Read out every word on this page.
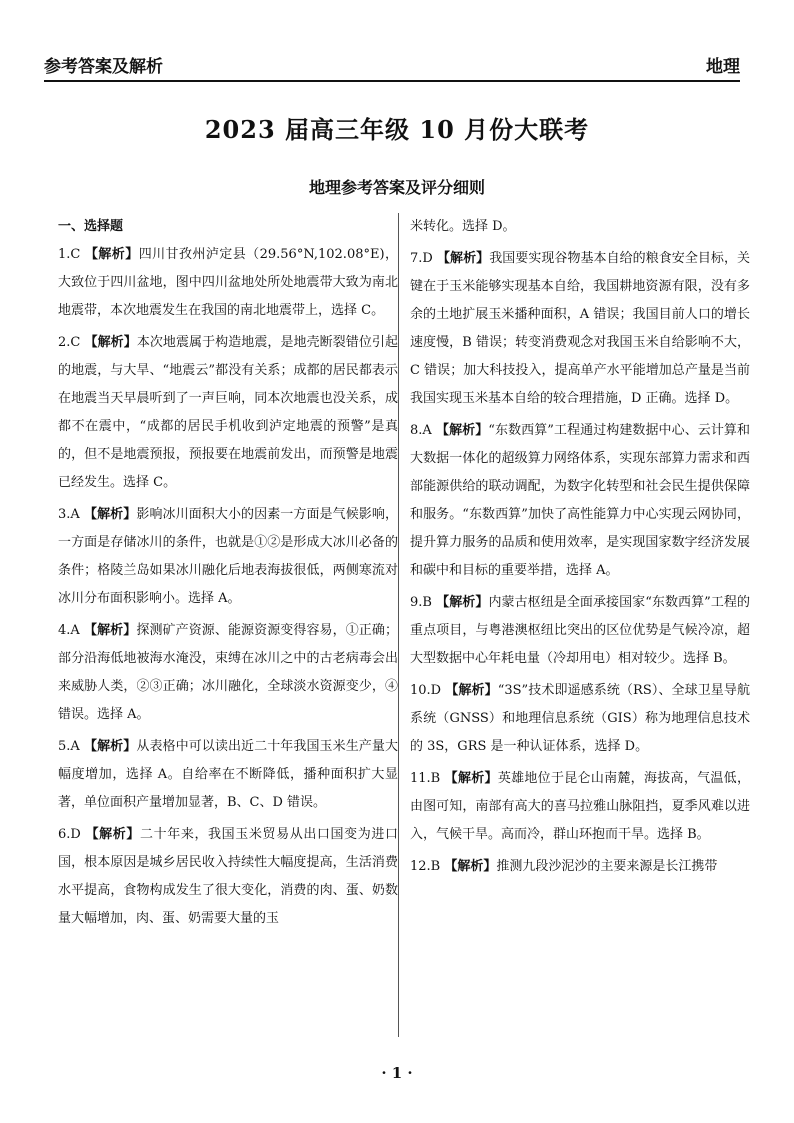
参考答案及解析	地理
2023 届高三年级 10 月份大联考
地理参考答案及评分细则
一、选择题
1.C 【解析】四川甘孜州泸定县（29.56°N,102.08°E)，大致位于四川盆地，图中四川盆地处所处地震带大致为南北地震带，本次地震发生在我国的南北地震带上，选择 C。
2.C 【解析】本次地震属于构造地震，是地壳断裂错位引起的地震，与大旱、“地震云”都没有关系；成都的居民都表示在地震当天早晨听到了一声巨响，同本次地震也没关系，成都不在震中，“成都的居民手机收到泸定地震的预警”是真的，但不是地震预报，预报要在地震前发出，而预警是地震已经发生。选择 C。
3.A 【解析】影响冰川面积大小的因素一方面是气候影响，一方面是存储冰川的条件，也就是①②是形成大冰川必备的条件；格陵兰岛如果冰川融化后地表海拔很低，两侧寒流对冰川分布面积影响小。选择 A。
4.A 【解析】探测矿产资源、能源资源变得容易，①正确；部分沿海低地被海水淹没，束缚在冰川之中的古老病毒会出来威胁人类，②③正确；冰川融化，全球淡水资源变少，④错误。选择 A。
5.A 【解析】从表格中可以读出近二十年我国玉米生产量大幅度增加，选择 A。自给率在不断降低，播种面积扩大显著，单位面积产量增加显著，B、C、D 错误。
6.D 【解析】二十年来，我国玉米贸易从出口国变为进口国，根本原因是城乡居民收入持续性大幅度提高，生活消费水平提高，食物构成发生了很大变化，消费的肉、蛋、奶数量大幅增加，肉、蛋、奶需要大量的玉
米转化。选择 D。
7.D 【解析】我国要实现谷物基本自给的粮食安全目标，关键在于玉米能够实现基本自给，我国耕地资源有限，没有多余的土地扩展玉米播种面积，A 错误；我国目前人口的增长速度慢，B 错误；转变消费观念对我国玉米自给影响不大，C 错误；加大科技投入，提高单产水平能增加总产量是当前我国实现玉米基本自给的较合理措施，D 正确。选择 D。
8.A 【解析】“东数西算”工程通过构建数据中心、云计算和大数据一体化的超级算力网络体系，实现东部算力需求和西部能源供给的联动调配，为数字化转型和社会民生提供保障和服务。“东数西算”加快了高性能算力中心实现云网协同，提升算力服务的品质和使用效率，是实现国家数字经济发展和碳中和目标的重要举措，选择 A。
9.B 【解析】内蒙古枢纽是全面承接国家“东数西算”工程的重点项目，与粤港澳枢纽比突出的区位优势是气候冷凉，超大型数据中心年耗电量（冷却用电）相对较少。选择 B。
10.D 【解析】“3S”技术即遥感系统（RS）、全球卫星导航系统（GNSS）和地理信息系统（GIS）称为地理信息技术的 3S，GRS 是一种认证体系，选择 D。
11.B 【解析】英雄地位于昆仑山南麓，海拔高，气温低，由图可知，南部有高大的喜马拉雅山脉阻挡，夏季风难以进入，气候干旱。高而冷，群山环抱而干旱。选择 B。
12.B 【解析】推测九段沙泥沙的主要来源是长江携带
· 1 ·
